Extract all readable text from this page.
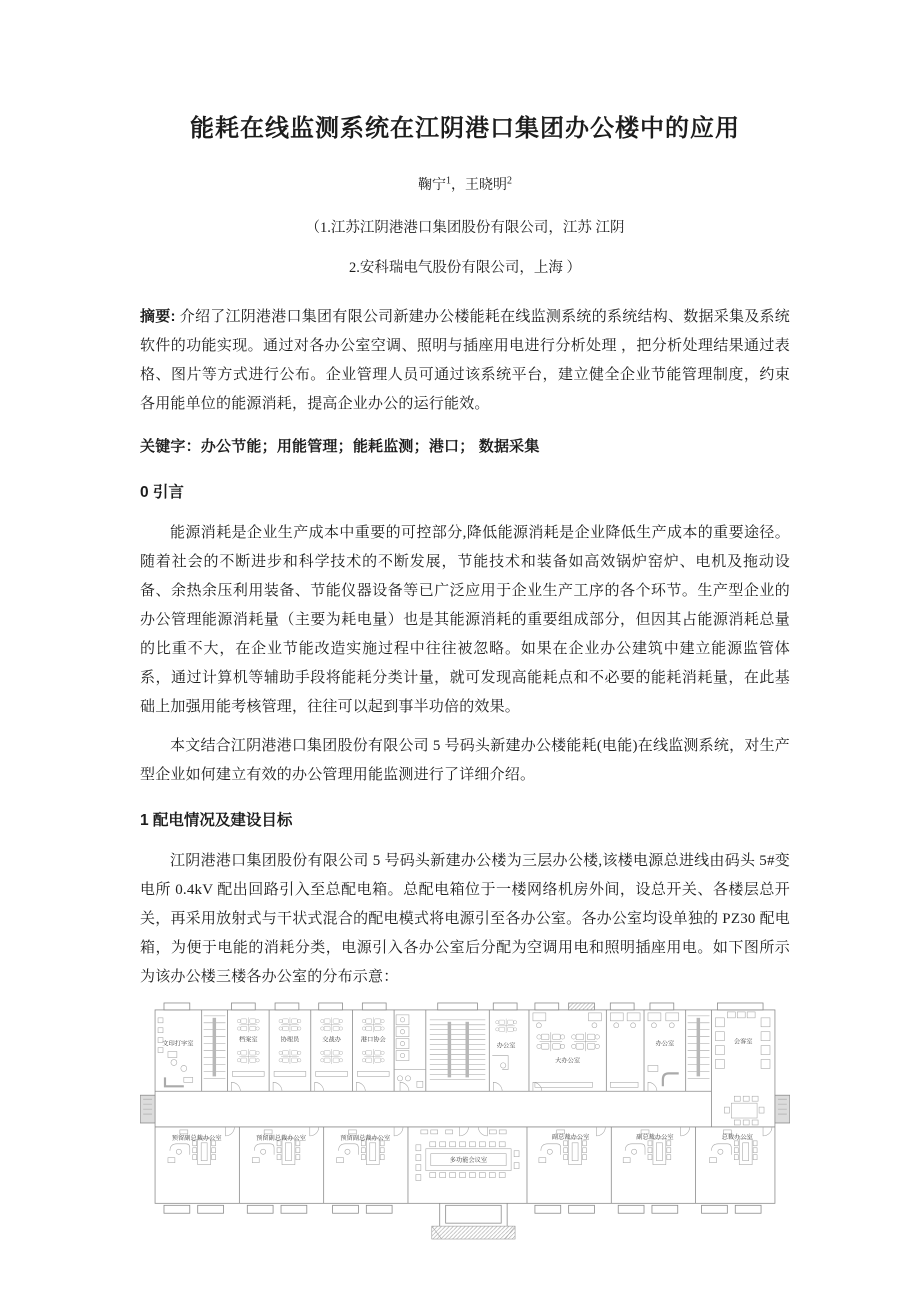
能耗在线监测系统在江阴港口集团办公楼中的应用

鞠宁$^1$，王晓明$^2$

（1.江苏江阴港港口集团股份有限公司，江苏 江阴

2.安科瑞电气股份有限公司，上海 ）

摘要: 介绍了江阴港港口集团有限公司新建办公楼能耗在线监测系统的系统结构、数据采集及系统软件的功能实现。通过对各办公室空调、照明与插座用电进行分析处理 ，把分析处理结果通过表格、图片等方式进行公布。企业管理人员可通过该系统平台，建立健全企业节能管理制度，约束各用能单位的能源消耗，提高企业办公的运行能效。

关键字：办公节能；用能管理；能耗监测；港口； 数据采集

0 引言

能源消耗是企业生产成本中重要的可控部分,降低能源消耗是企业降低生产成本的重要途径。随着社会的不断进步和科学技术的不断发展，节能技术和装备如高效锅炉窑炉、电机及拖动设备、余热余压利用装备、节能仪器设备等已广泛应用于企业生产工序的各个环节。生产型企业的办公管理能源消耗量（主要为耗电量）也是其能源消耗的重要组成部分，但因其占能源消耗总量的比重不大，在企业节能改造实施过程中往往被忽略。如果在企业办公建筑中建立能源监管体系，通过计算机等辅助手段将能耗分类计量，就可发现高能耗点和不必要的能耗消耗量，在此基础上加强用能考核管理，往往可以起到事半功倍的效果。

本文结合江阴港港口集团股份有限公司 5 号码头新建办公楼能耗(电能)在线监测系统，对生产型企业如何建立有效的办公管理用能监测进行了详细介绍。

1 配电情况及建设目标

江阴港港口集团股份有限公司 5 号码头新建办公楼为三层办公楼,该楼电源总进线由码头 5#变电所 0.4kV 配出回路引入至总配电箱。总配电箱位于一楼网络机房外间，设总开关、各楼层总开关，再采用放射式与干状式混合的配电模式将电源引至各办公室。各办公室均设单独的 PZ30 配电箱，为便于电能的消耗分类，电源引入各办公室后分配为空调用电和照明插座用电。如下图所示为该办公楼三楼各办公室的分布示意：

文印打字室
档案室	协理员	交战办	港口协会
办公室
大办公室
办公室	会客室
预留副总裁办公室	预留副总裁办公室	预留副总裁办公室
多功能会议室
副总裁办公室	副总裁办公室	总裁办公室
